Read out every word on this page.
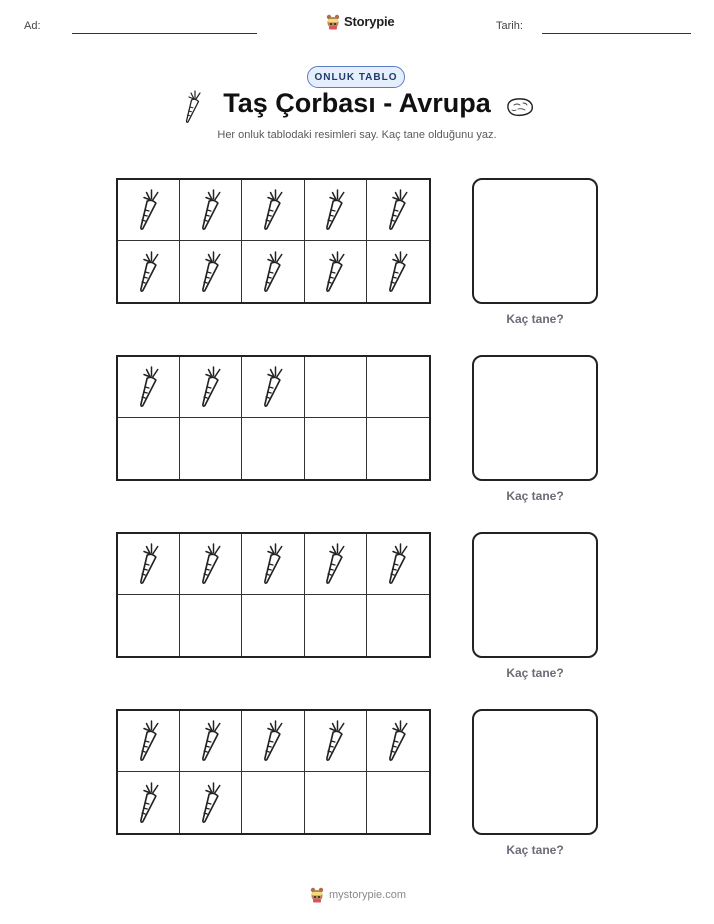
Ad:	Storypie	Tarih:
ONLUK TABLO
Taş Çorbası - Avrupa
Her onluk tablodaki resimleri say. Kaç tane olduğunu yaz.
Kaç tane?
Kaç tane?
Kaç tane?
Kaç tane?
mystorypie.com
